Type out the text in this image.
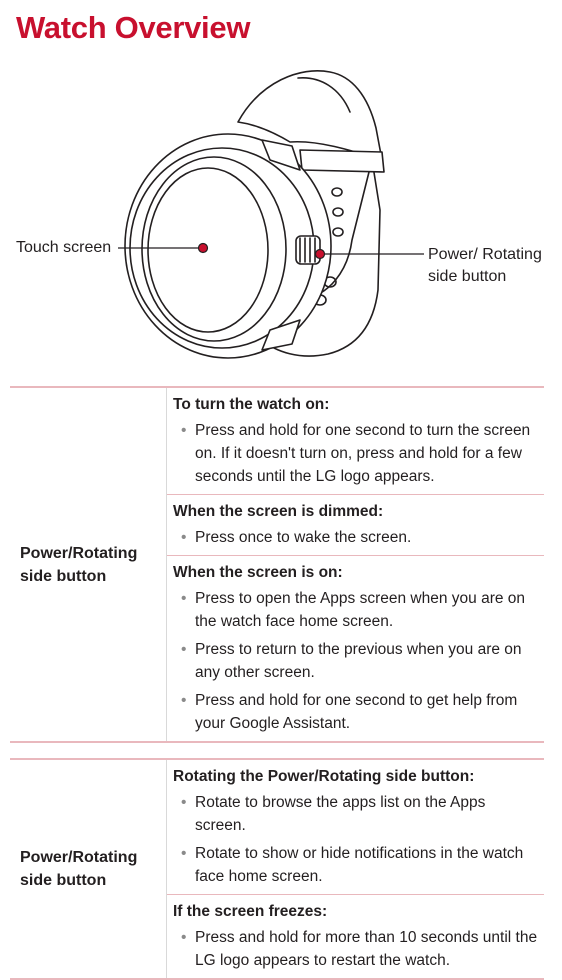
Watch Overview
Touch screen	Power/ Rotating side button
Power/Rotating side button	

To turn the watch on:

• Press and hold for one second to turn the screen on. If it doesn't turn on, press and hold for a few seconds until the LG logo appears.

When the screen is dimmed:

• Press once to wake the screen.

When the screen is on:

• Press to open the Apps screen when you are on the watch face home screen.
• Press to return to the previous when you are on any other screen.
• Press and hold for one second to get help from your Google Assistant.
Power/Rotating side button	

Rotating the Power/Rotating side button:

• Rotate to browse the apps list on the Apps screen.
• Rotate to show or hide notifications in the watch face home screen.

If the screen freezes:

• Press and hold for more than 10 seconds until the LG logo appears to restart the watch.
